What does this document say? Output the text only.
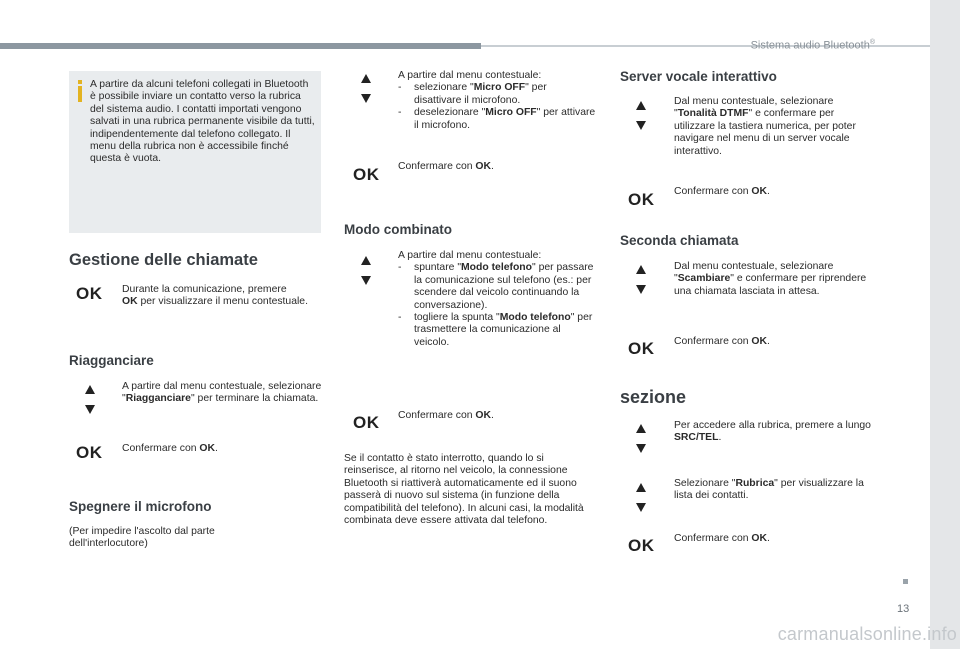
Sistema audio Bluetooth®
13
carmanualsonline.info
A partire da alcuni telefoni collegati in Bluetooth è possibile inviare un contatto verso la rubrica del sistema audio. I contatti importati vengono salvati in una rubrica permanente visibile da tutti, indipendentemente dal telefono collegato. Il menu della rubrica non è accessibile finché questa è vuota.
Gestione delle chiamate
OK Durante la comunicazione, premere
OK per visualizzare il menu contestuale.
Riagganciare
A partire dal menu contestuale, selezionare "Riagganciare" per terminare la chiamata.
OK Confermare con OK.
Spegnere il microfono
(Per impedire l'ascolto dal parte dell'interlocutore)
A partire dal menu contestuale:
- selezionare "Micro OFF" per disattivare il microfono.
- deselezionare "Micro OFF" per attivare il microfono.
OK Confermare con OK.
Modo combinato
A partire dal menu contestuale:
- spuntare "Modo telefono" per passare la comunicazione sul telefono (es.: per scendere dal veicolo continuando la conversazione).
- togliere la spunta "Modo telefono" per trasmettere la comunicazione al veicolo.
OK Confermare con OK.
Se il contatto è stato interrotto, quando lo si reinserisce, al ritorno nel veicolo, la connessione Bluetooth si riattiverà automaticamente ed il suono passerà di nuovo sul sistema (in funzione della compatibilità del telefono). In alcuni casi, la modalità combinata deve essere attivata dal telefono.
Server vocale interattivo
Dal menu contestuale, selezionare "Tonalità DTMF" e confermare per utilizzare la tastiera numerica, per poter navigare nel menu di un server vocale interattivo.
OK Confermare con OK.
Seconda chiamata
Dal menu contestuale, selezionare "Scambiare" e confermare per riprendere una chiamata lasciata in attesa.
OK Confermare con OK.
sezione
Per accedere alla rubrica, premere a lungo SRC/TEL.
Selezionare "Rubrica" per visualizzare la lista dei contatti.
OK Confermare con OK.
